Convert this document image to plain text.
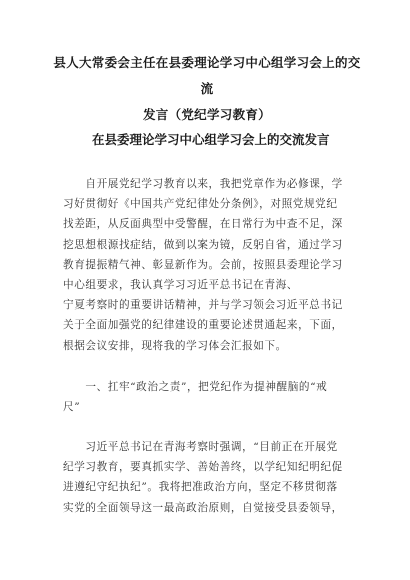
县人大常委会主任在县委理论学习中心组学习会上的交流
发言（党纪学习教育）
在县委理论学习中心组学习会上的交流发言
　　自开展党纪学习教育以来，我把党章作为必修课，学
习好贯彻好《中国共产党纪律处分条例》，对照党规党纪
找差距，从反面典型中受警醒，在日常行为中查不足，深
挖思想根源找症结，做到以案为镜，反躬自省，通过学习
教育提振精气神、彰显新作为。会前，按照县委理论学习
中心组要求，我认真学习习近平总书记在青海、
宁夏考察时的重要讲话精神，并与学习领会习近平总书记
关于全面加强党的纪律建设的重要论述贯通起来，下面，
根据会议安排，现将我的学习体会汇报如下。
　　一、扛牢“政治之责”，把党纪作为提神醒脑的“戒
尺”
　　习近平总书记在青海考察时强调，“目前正在开展党
纪学习教育，要真抓实学、善始善终，以学纪知纪明纪促
进遵纪守纪执纪”。我将把准政治方向，坚定不移贯彻落
实党的全面领导这一最高政治原则，自觉接受县委领导，
